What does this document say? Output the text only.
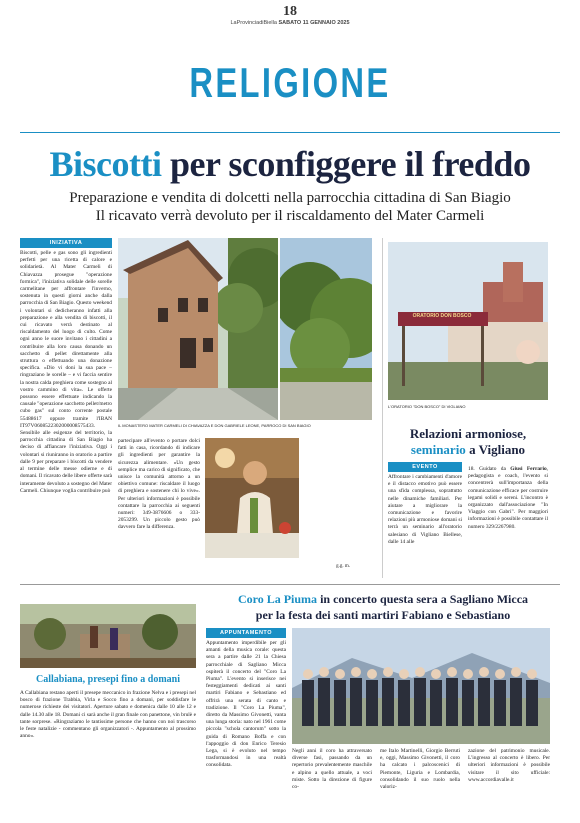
18
LaProvinciadiBiella SABATO 11 GENNAIO 2025
RELIGIONE
Biscotti per sconfiggere il freddo
Preparazione e vendita di dolcetti nella parrocchia cittadina di San Biagio
Il ricavato verrà devoluto per il riscaldamento del Mater Carmeli
INIZIATIVA
Biscotti, pelle e gas sono gli ingredienti perfetti per una ricetta di calore e solidarietà. Al Mater Carmeli di Chiavazza prosegue "operazione formica", l'iniziativa solidale delle sorelle carmelitane per affrontare l'inverno, sostenuta in questi giorni anche dalla parrocchia di San Biagio. Questo weekend i volontari si dedicheranno infatti alla preparazione e alla vendita di biscotti, il cui ricavato verrà destinato al riscaldamento del luogo di culto. Come ogni anno le suore invitano i cittadini a contribuire alla loro causa donando un sacchetto di pellet direttamente alla struttura o effettuando una donazione specifica. «Dio vi doni la sua pace – ringraziano le sorelle – e vi faccia sentire la nostra calda preghiera come sostegno al vostro cammino di vita». Le offerte possono essere effettuate indicando la causale "operazione sacchetto pellet/metro cubo gas" sul conto corrente postale 55488617 oppure tramite l'IBAN IT97V0608522302000008575433. Sensibile alle esigenze del territorio, la parrocchia cittadina di San Biagio ha deciso di affiancare l'iniziativa. Oggi i volontari si riuniranno in oratorio a partire dalle 9 per preparare i biscotti da vendere al termine delle messe odierne e di domani. Il ricavato delle libere offerte sarà interamente devoluto a sostegno del Mater Carmeli. Chiunque voglia contribuire può
IL MONASTERO MATER CARMELI DI CHIAVAZZA E DON GABRIELE LEONE, PARROCO DI SAN BIAGIO
partecipare all'evento o portare dolci fatti in casa, ricordando di indicare gli ingredienti per garantire la sicurezza alimentare. «Un gesto semplice ma carico di significato, che unisce la comunità attorno a un obiettivo comune: riscaldare il luogo di preghiera e sostenere chi lo vive». Per ulteriori informazioni è possibile contattare la parrocchia ai seguenti numeri: 349-3876606 o 333-2053299. Un piccolo gesto può davvero fare la differenza.
g.g. m.
ORATORIO DON BOSCO
L'ORATORIO "DON BOSCO" DI VIGLIANO
Relazioni armoniose,
seminario a Vigliano
EVENTO
Affrontare i cambiamenti d'amore e il distacco emotivo può essere una sfida complessa, soprattutto nelle dinamiche familiari. Per aiutare a migliorare la comunicazione e favorire relazioni più armoniose domani si terrà un seminario all'oratorio salesiano di Vigliano Biellese, dalle 14 alle
18. Guidato da Giusi Ferrario, pedagogista e coach, l'evento si concentrerà sull'importanza della comunicazione efficace per costruire legami solidi e sereni. L'incontro è organizzato dall'associazione "In Viaggio con Gabri". Per maggiori informazioni è possibile contattare il numero 329/2267980.
Callabiana, presepi fino a domani
A Callabiana restano aperti il presepe meccanico in frazione Nelva e i presepi nel bosco di frazione Trabbia, Virla e Socco fino a domani, per soddisfare le numerose richieste dei visitatori. Aperture sabato e domenica dalle 10 alle 12 e dalle 14.30 alle 18. Domani ci sarà anche il gran finale con panettone, vin brulè e tante sorprese. «Ringraziamo le tantissime persone che hanno con noi trascorso le feste natalizie - commentano gli organizzatori -. Appuntamento al prossimo anno».
Coro La Piuma in concerto questa sera a Sagliano Micca
per la festa dei santi martiri Fabiano e Sebastiano
APPUNTAMENTO
Appuntamento imperdibile per gli amanti della musica corale: questa sera a partire dalle 21 la Chiesa parrocchiale di Sagliano Micca ospiterà il concerto del "Coro La Piuma". L'evento si inserisce nei festeggiamenti dedicati ai santi martiri Fabiano e Sebastiano ed offrirà una serata di canto e tradizione. Il "Coro La Piuma", diretto da Massimo Givonetti, vanta una lunga storia: nato nel 1961 come piccola "schola cantorum" sotto la guida di Romano Boffa e con l'appoggio di don Enrico Teresio Lega, si è evoluto nel tempo trasformandosi in una realtà consolidata.
Negli anni il coro ha attraversato diverse fasi, passando da un repertorio prevalentemente maschile e alpino a quello attuale, a voci miste. Sotto la direzione di figure co-
me Italo Martinelli, Giorgio Berruti e, oggi, Massimo Givonetti, il coro ha calcato i palcoscenici di Piemonte, Liguria e Lombardia, consolidando il suo ruolo nella valoriz-
zazione del patrimonio musicale. L'ingresso al concerto è libero. Per ulteriori informazioni è possibile visitare il sito ufficiale: www.accordiavalle.it
